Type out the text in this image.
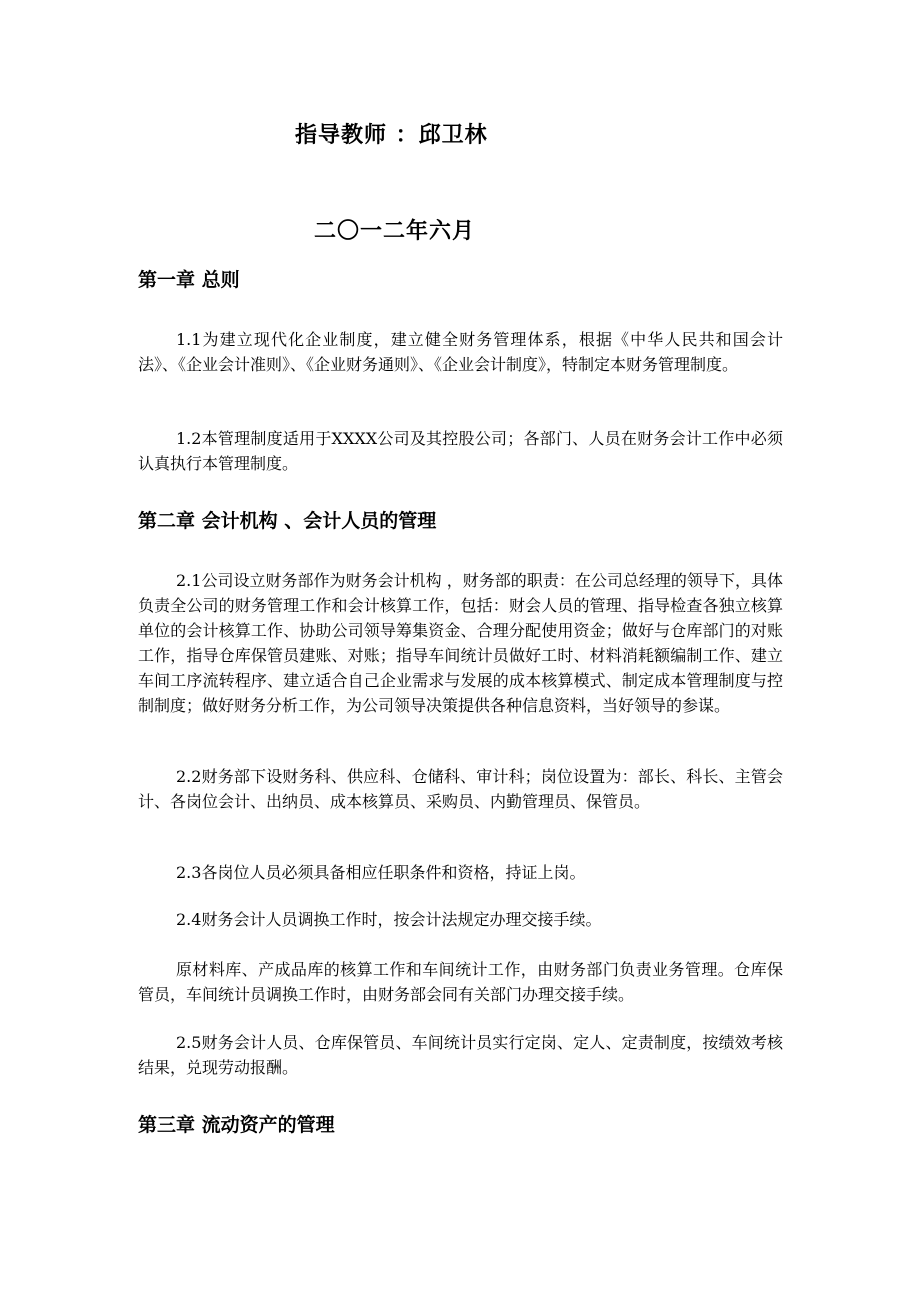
指导教师 ：邱卫林
二〇一二年六月
第一章 总则

1.1为建立现代化企业制度，建立健全财务管理体系，根据《中华人民共和国会计法》、《企业会计准则》、《企业财务通则》、《企业会计制度》，特制定本财务管理制度。

1.2本管理制度适用于XXXX公司及其控股公司；各部门、人员在财务会计工作中必须认真执行本管理制度。

第二章 会计机构 、会计人员的管理

2.1公司设立财务部作为财务会计机构 ，财务部的职责：在公司总经理的领导下，具体负责全公司的财务管理工作和会计核算工作，包括：财会人员的管理、指导检查各独立核算单位的会计核算工作、协助公司领导筹集资金、合理分配使用资金；做好与仓库部门的对账工作，指导仓库保管员建账、对账；指导车间统计员做好工时、材料消耗额编制工作、建立车间工序流转程序、建立适合自己企业需求与发展的成本核算模式、制定成本管理制度与控制制度；做好财务分析工作，为公司领导决策提供各种信息资料，当好领导的参谋。

2.2财务部下设财务科、供应科、仓储科、审计科；岗位设置为：部长、科长、主管会计、各岗位会计、出纳员、成本核算员、采购员、内勤管理员、保管员。

2.3各岗位人员必须具备相应任职条件和资格，持证上岗。

2.4财务会计人员调换工作时，按会计法规定办理交接手续。

原材料库、产成品库的核算工作和车间统计工作，由财务部门负责业务管理。仓库保管员，车间统计员调换工作时，由财务部会同有关部门办理交接手续。

2.5财务会计人员、仓库保管员、车间统计员实行定岗、定人、定责制度，按绩效考核结果，兑现劳动报酬。

第三章 流动资产的管理
